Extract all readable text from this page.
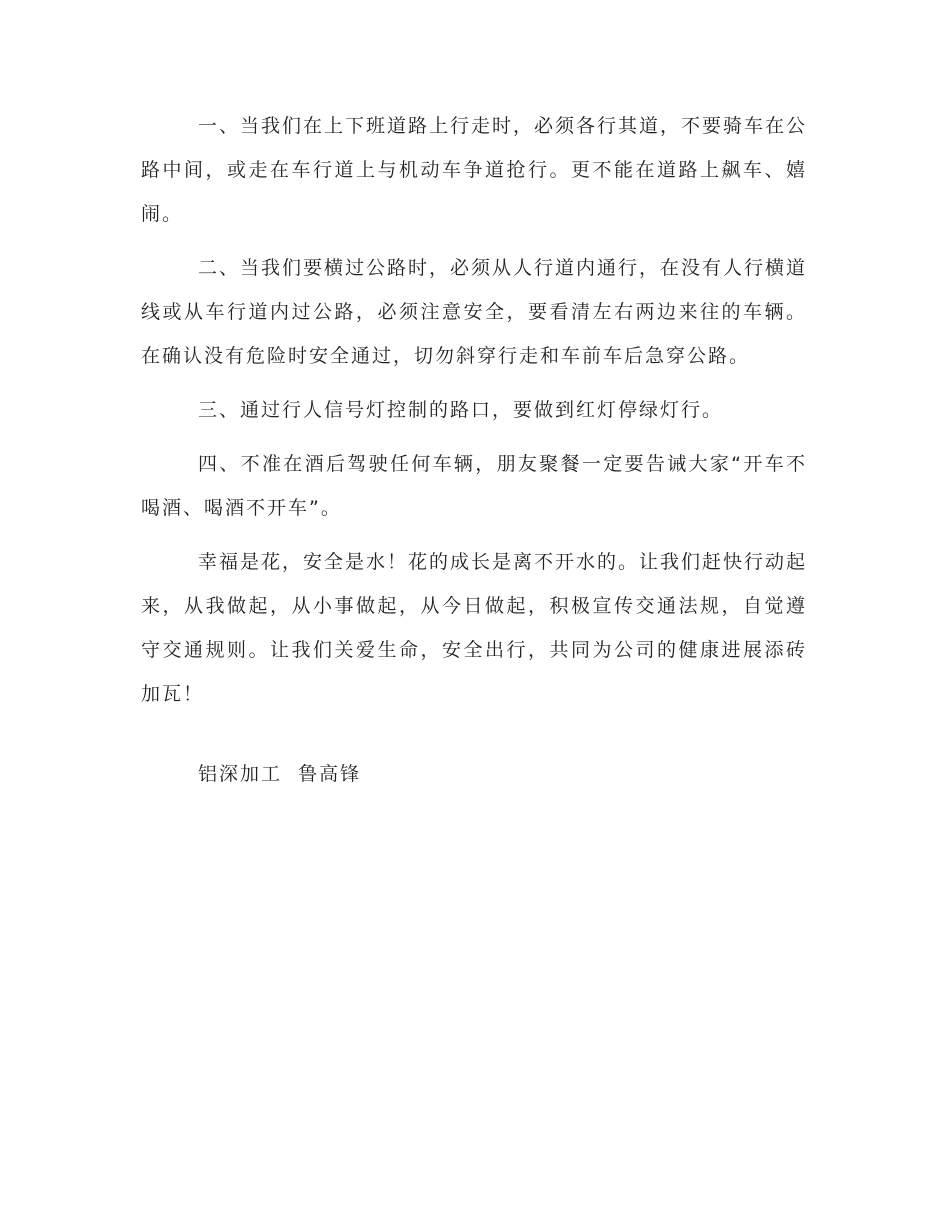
一、当我们在上下班道路上行走时，必须各行其道，不要骑车在公路中间，或走在车行道上与机动车争道抢行。更不能在道路上飙车、嬉闹。

二、当我们要横过公路时，必须从人行道内通行，在没有人行横道线或从车行道内过公路，必须注意安全，要看清左右两边来往的车辆。在确认没有危险时安全通过，切勿斜穿行走和车前车后急穿公路。

三、通过行人信号灯控制的路口，要做到红灯停绿灯行。

四、不准在酒后驾驶任何车辆，朋友聚餐一定要告诫大家“开车不喝酒、喝酒不开车”。

幸福是花，安全是水！花的成长是离不开水的。让我们赶快行动起来，从我做起，从小事做起，从今日做起，积极宣传交通法规，自觉遵守交通规则。让我们关爱生命，安全出行，共同为公司的健康进展添砖加瓦！

铝深加工  鲁高锋
